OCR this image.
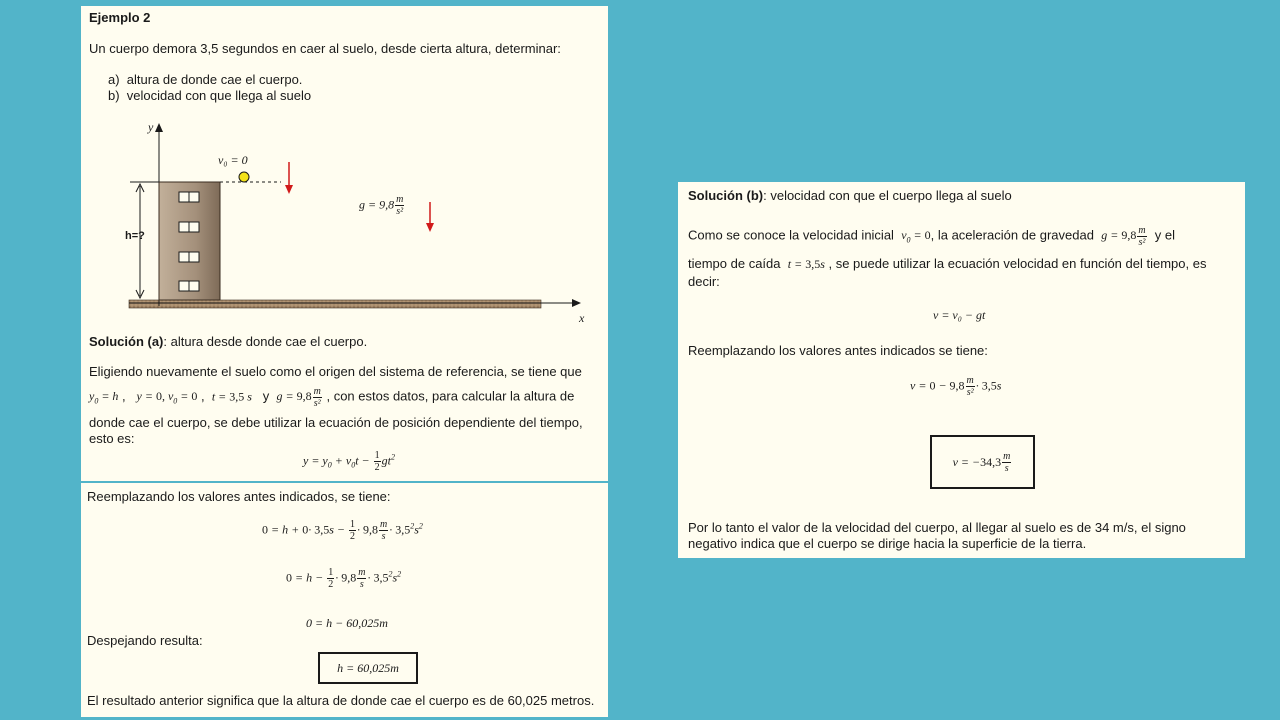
Ejemplo 2
Un cuerpo demora 3,5 segundos en caer al suelo, desde cierta altura, determinar:
a)  altura de donde cae el cuerpo.
b)  velocidad con que llega al suelo
y
x
v₀ = 0
h=?
$g = 9,8 \frac{m}{\text{s²}}$
Solución (a): altura desde donde cae el cuerpo.
Eligiendo nuevamente el suelo como el origen del sistema de referencia, se tiene que
$y_0 = h$ ,   y = 0, $v_0 = 0$ ,  t = 3,5 s   y  $g = 9,8 \frac{m}{\text{s²}}$ , con estos datos, para calcular la altura de
donde cae el cuerpo, se debe utilizar la ecuación de posición dependiente del tiempo,
esto es:
$y = y_0 + v_0t - \frac{1}{2} gt^2$
Reemplazando los valores antes indicados, se tiene:
$0 = h + 0\cdot 3,5s - \frac{1}{2} \cdot 9,8 \frac{m}{s} \cdot 3,5^2s^2$
$0 = h - \frac{1}{2} \cdot 9,8 \frac{m}{s} \cdot 3,5^2s^2$
0 = h − 60,025m
Despejando resulta:
h = 60,025m
El resultado anterior significa que la altura de donde cae el cuerpo es de 60,025 metros.
Solución (b): velocidad con que el cuerpo llega al suelo
Como se conoce la velocidad inicial $v_0 = 0$, la aceleración de gravedad $g = 9,8 \frac{m}{\text{s²}}$ y el
tiempo de caída t = 3,5s , se puede utilizar la ecuación velocidad en función del tiempo, es
decir:
v = v₀ − gt
Reemplazando los valores antes indicados se tiene:
$v = 0 - 9,8 \frac{m}{\text{s²}} \cdot 3,5s$
v = − $34,3 \frac{m}{s}$
Por lo tanto el valor de la velocidad del cuerpo, al llegar al suelo es de 34 m/s, el signo
negativo indica que el cuerpo se dirige hacia la superficie de la tierra.
